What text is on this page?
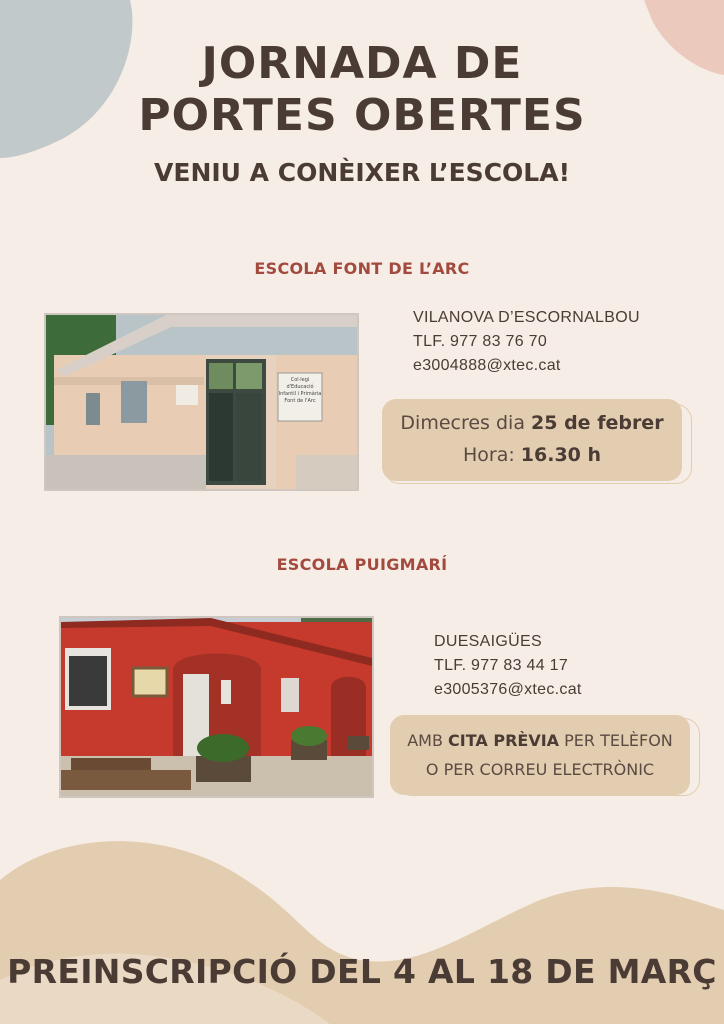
JORNADA DE
PORTES OBERTES
VENIU A CONÈIXER L’ESCOLA!
ESCOLA FONT DE L’ARC
Col·legi d'Educació
Infantil i Primària
Font de l'Arc
VILANOVA D’ESCORNALBOU
TLF. 977 83 76 70
e3004888@xtec.cat
Dimecres dia 25 de febrer
Hora: 16.30 h
ESCOLA PUIGMARÍ
DUESAIGÜES
TLF. 977 83 44 17
e3005376@xtec.cat
AMB CITA PRÈVIA PER TELÈFON
O PER CORREU ELECTRÒNIC
PREINSCRIPCIÓ DEL 4 AL 18 DE MARÇ
